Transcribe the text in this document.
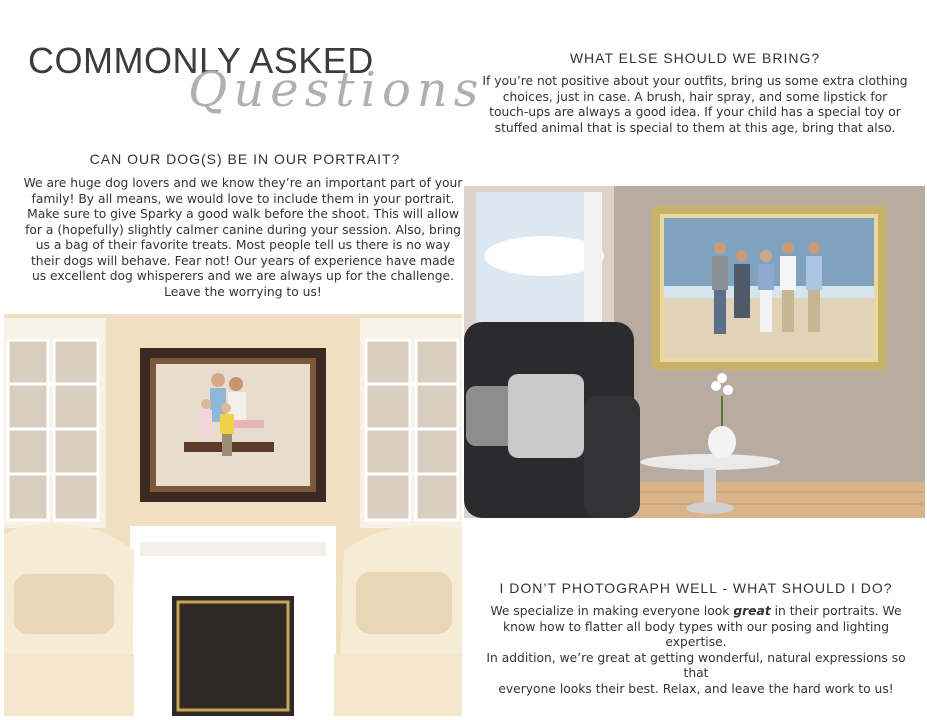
COMMONLY ASKED
Questions
CAN OUR DOG(S) BE IN OUR PORTRAIT?
We are huge dog lovers and we know they’re an important part of your
family! By all means, we would love to include them in your portrait.
Make sure to give Sparky a good walk before the shoot. This will allow
for a (hopefully) slightly calmer canine during your session. Also, bring
us a bag of their favorite treats. Most people tell us there is no way
their dogs will behave. Fear not! Our years of experience have made
us excellent dog whisperers and we are always up for the challenge.
Leave the worrying to us!
WHAT ELSE SHOULD WE BRING?
If you’re not positive about your outfits, bring us some extra clothing
choices, just in case. A brush, hair spray, and some lipstick for
touch-ups are always a good idea. If your child has a special toy or
stuffed animal that is special to them at this age, bring that also.
I DON’T PHOTOGRAPH WELL - WHAT SHOULD I DO?
We specialize in making everyone look great in their portraits. We
know how to flatter all body types with our posing and lighting expertise.
In addition, we’re great at getting wonderful, natural expressions so that
everyone looks their best. Relax, and leave the hard work to us!
